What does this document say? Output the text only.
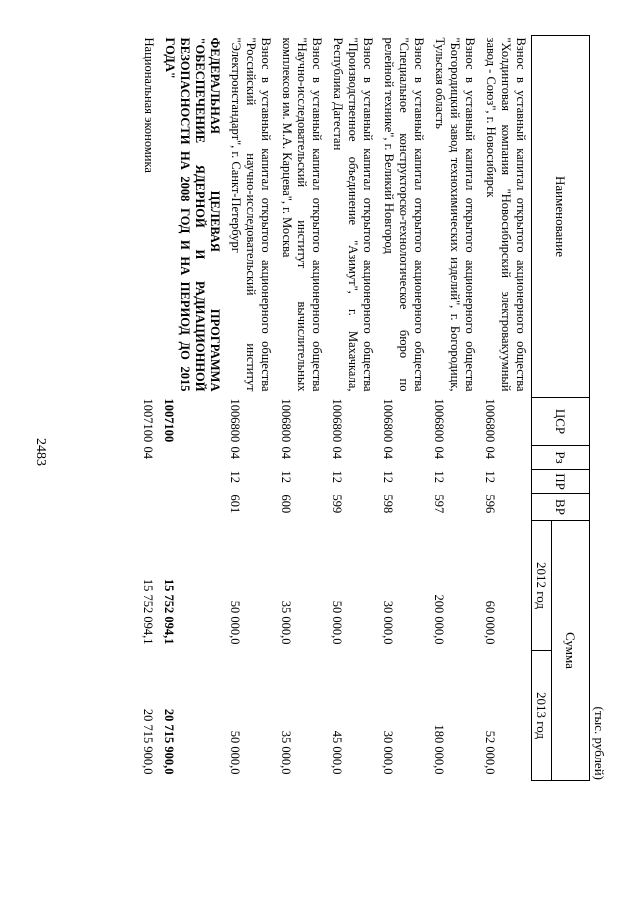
2483
(тыс. рублей)
Наименование	ЦСР	Рз	ПР	ВР	Сумма	
					2012 год	2013 год
Взнос в уставный капитал открытого акционерного общества "Холдинговая компания "Новосибирский электровакуумный завод - Союз", г. Новосибирск	1006800	04	12	596	60 000,0	52 000,0
Взнос в уставный капитал открытого акционерного общества "Богородицкий завод технохимических изделий", г. Богородицк, Тульская область	1006800	04	12	597	200 000,0	180 000,0
Взнос в уставный капитал открытого акционерного общества "Специальное конструкторско-технологическое бюро по релейной технике", г. Великий Новгород	1006800	04	12	598	30 000,0	30 000,0
Взнос в уставный капитал открытого акционерного общества "Производственное объединение "Азимут", г. Махачкала, Республика Дагестан	1006800	04	12	599	50 000,0	45 000,0
Взнос в уставный капитал открытого акционерного общества "Научно-исследовательский институт вычислительных комплексов им. М.А. Карцева", г. Москва	1006800	04	12	600	35 000,0	35 000,0
Взнос в уставный капитал открытого акционерного общества "Российский научно-исследовательский институт "Электронстандарт", г. Санкт-Петербург	1006800	04	12	601	50 000,0	50 000,0
ФЕДЕРАЛЬНАЯ ЦЕЛЕВАЯ ПРОГРАММА "ОБЕСПЕЧЕНИЕ ЯДЕРНОЙ И РАДИАЦИОННОЙ БЕЗОПАСНОСТИ НА 2008 ГОД И НА ПЕРИОД ДО 2015 ГОДА"	1007100				15 752 094,1	20 715 900,0
Национальная экономика	1007100	04			15 752 094,1	20 715 900,0
